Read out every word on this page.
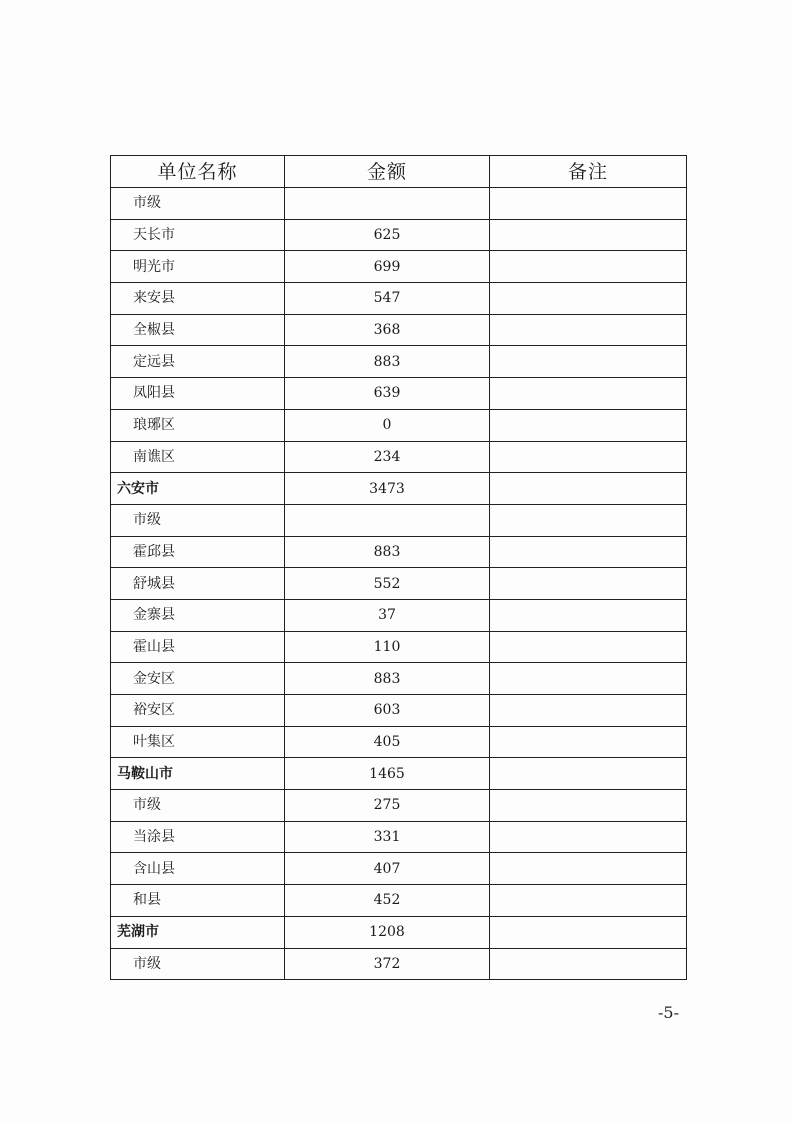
单位名称	金额	备注
市级		
天长市	625	
明光市	699	
来安县	547	
全椒县	368	
定远县	883	
凤阳县	639	
琅琊区	0	
南谯区	234	
六安市	3473	
市级		
霍邱县	883	
舒城县	552	
金寨县	37	
霍山县	110	
金安区	883	
裕安区	603	
叶集区	405	
马鞍山市	1465	
市级	275	
当涂县	331	
含山县	407	
和县	452	
芜湖市	1208	
市级	372	
-5-
